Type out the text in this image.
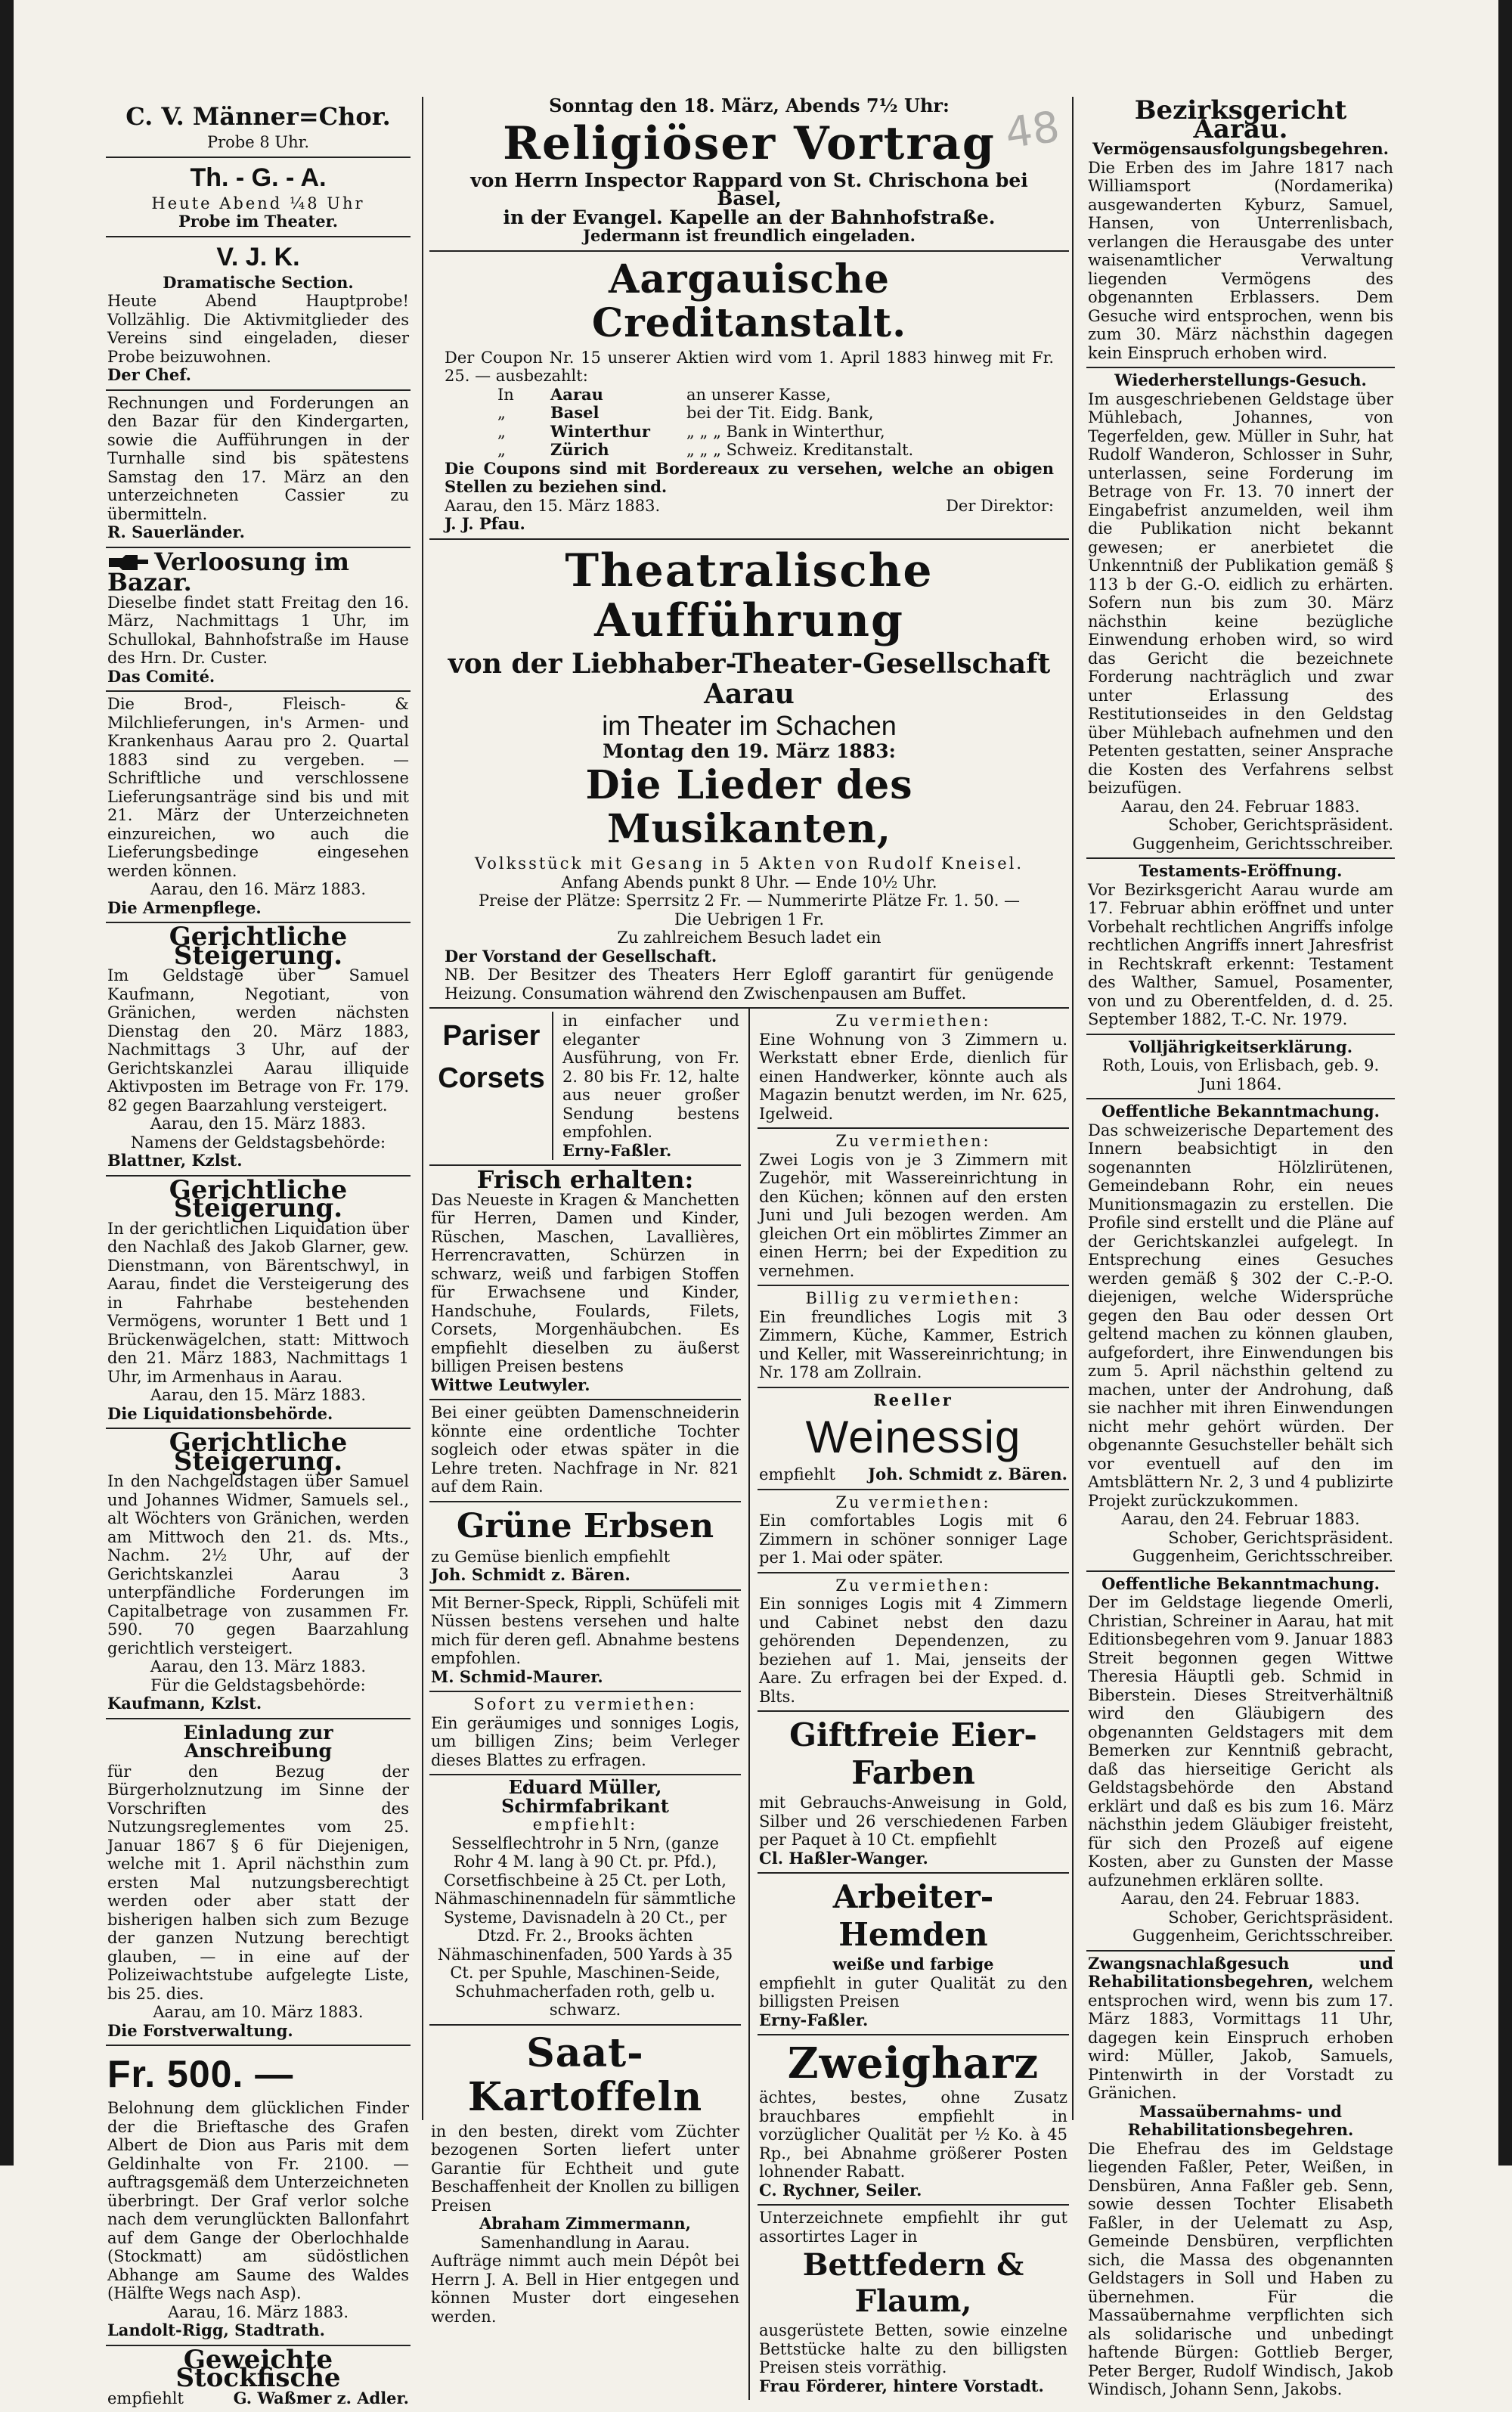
48
C. V. Männer=Chor.

Probe 8 Uhr.

Th. - G. - A.

Heute Abend ¼8 Uhr

Probe im Theater.

V. J. K.

Dramatische Section.

Heute Abend Hauptprobe! Vollzählig. Die Aktivmitglieder des Vereins sind eingeladen, dieser Probe beizuwohnen.

Der Chef.

Rechnungen und Forderungen an den Bazar für den Kindergarten, sowie die Aufführungen in der Turnhalle sind bis spätestens Samstag den 17. März an den unterzeichneten Cassier zu übermitteln.

R. Sauerländer.

Verloosung im Bazar.

Dieselbe findet statt Freitag den 16. März, Nachmittags 1 Uhr, im Schullokal, Bahnhofstraße im Hause des Hrn. Dr. Custer.

Das Comité.

Die Brod-, Fleisch- & Milchlieferungen, in's Armen- und Krankenhaus Aarau pro 2. Quartal 1883 sind zu vergeben. — Schriftliche und verschlossene Lieferungsanträge sind bis und mit 21. März der Unterzeichneten einzureichen, wo auch die Lieferungsbedinge eingesehen werden können.

Aarau, den 16. März 1883.

Die Armenpflege.

Gerichtliche Steigerung.

Im Geldstage über Samuel Kaufmann, Negotiant, von Gränichen, werden nächsten Dienstag den 20. März 1883, Nachmittags 3 Uhr, auf der Gerichtskanzlei Aarau illiquide Aktivposten im Betrage von Fr. 179. 82 gegen Baarzahlung versteigert.

Aarau, den 15. März 1883.

Namens der Geldstagsbehörde:

Blattner, Kzlst.

Gerichtliche Steigerung.

In der gerichtlichen Liquidation über den Nachlaß des Jakob Glarner, gew. Dienstmann, von Bärentschwyl, in Aarau, findet die Versteigerung des in Fahrhabe bestehenden Vermögens, worunter 1 Bett und 1 Brückenwägelchen, statt: Mittwoch den 21. März 1883, Nachmittags 1 Uhr, im Armenhaus in Aarau.

Aarau, den 15. März 1883.

Die Liquidationsbehörde.

Gerichtliche Steigerung.

In den Nachgeldstagen über Samuel und Johannes Widmer, Samuels sel., alt Wöchters von Gränichen, werden am Mittwoch den 21. ds. Mts., Nachm. 2½ Uhr, auf der Gerichtskanzlei Aarau 3 unterpfändliche Forderungen im Capitalbetrage von zusammen Fr. 590. 70 gegen Baarzahlung gerichtlich versteigert.

Aarau, den 13. März 1883.

Für die Geldstagsbehörde:

Kaufmann, Kzlst.

Einladung zur Anschreibung

für den Bezug der Bürgerholznutzung im Sinne der Vorschriften des Nutzungsreglementes vom 25. Januar 1867 § 6 für Diejenigen, welche mit 1. April nächsthin zum ersten Mal nutzungsberechtigt werden oder aber statt der bisherigen halben sich zum Bezuge der ganzen Nutzung berechtigt glauben, — in eine auf der Polizeiwachtstube aufgelegte Liste, bis 25. dies.

Aarau, am 10. März 1883.

Die Forstverwaltung.

Fr. 500. —

Belohnung dem glücklichen Finder der die Brieftasche des Grafen Albert de Dion aus Paris mit dem Geldinhalte von Fr. 2100. — auftragsgemäß dem Unterzeichneten überbringt. Der Graf verlor solche nach dem verunglückten Ballonfahrt auf dem Gange der Oberlochhalde (Stockmatt) am südöstlichen Abhange am Saume des Waldes (Hälfte Wegs nach Asp).

Aarau, 16. März 1883.

Landolt-Rigg, Stadtrath.

Geweichte Stockfische

empfiehlt	G. Waßmer z. Adler.

Sonntag den 18. März, Abends 7½ Uhr:

Religiöser Vortrag

von Herrn Inspector Rappard von St. Chrischona bei Basel,

in der Evangel. Kapelle an der Bahnhofstraße.

Jedermann ist freundlich eingeladen.

Aargauische Creditanstalt.

Der Coupon Nr. 15 unserer Aktien wird vom 1. April 1883 hinweg mit Fr. 25. — ausbezahlt:

In	Aarau	an unserer Kasse,
„	Basel	bei der Tit. Eidg. Bank,
„	Winterthur	„ „ „ Bank in Winterthur,
„	Zürich	„ „ „ Schweiz. Kreditanstalt.

Die Coupons sind mit Bordereaux zu versehen, welche an obigen Stellen zu beziehen sind.

Aarau, den 15. März 1883.	Der Direktor:

J. J. Pfau.

Theatralische Aufführung
von der Liebhaber-Theater-Gesellschaft Aarau
im Theater im Schachen

Montag den 19. März 1883:

Die Lieder des Musikanten,

Volksstück mit Gesang in 5 Akten von Rudolf Kneisel.

Anfang Abends punkt 8 Uhr. — Ende 10½ Uhr.

Preise der Plätze: Sperrsitz 2 Fr. — Nummerirte Plätze Fr. 1. 50. —

Die Uebrigen 1 Fr.

Zu zahlreichem Besuch ladet ein

Der Vorstand der Gesellschaft.

NB. Der Besitzer des Theaters Herr Egloff garantirt für genügende Heizung. Consumation während den Zwischenpausen am Buffet.

Pariser
Corsets

in einfacher und eleganter Ausführung, von Fr. 2. 80 bis Fr. 12, halte aus neuer großer Sendung bestens empfohlen.

Erny-Faßler.

Frisch erhalten:

Das Neueste in Kragen & Manchetten für Herren, Damen und Kinder, Rüschen, Maschen, Lavallières, Herrencravatten, Schürzen in schwarz, weiß und farbigen Stoffen für Erwachsene und Kinder, Handschuhe, Foulards, Filets, Corsets, Morgenhäubchen. Es empfiehlt dieselben zu äußerst billigen Preisen bestens

Wittwe Leutwyler.

Bei einer geübten Damenschneiderin könnte eine ordentliche Tochter sogleich oder etwas später in die Lehre treten. Nachfrage in Nr. 821 auf dem Rain.

Grüne Erbsen

zu Gemüse bienlich empfiehlt

Joh. Schmidt z. Bären.

Mit Berner-Speck, Rippli, Schüfeli mit Nüssen bestens versehen und halte mich für deren gefl. Abnahme bestens empfohlen.

M. Schmid-Maurer.

Sofort zu vermiethen:

Ein geräumiges und sonniges Logis, um billigen Zins; beim Verleger dieses Blattes zu erfragen.

Eduard Müller, Schirmfabrikant

empfiehlt:

Sesselflechtrohr in 5 Nrn, (ganze Rohr 4 M. lang à 90 Ct. pr. Pfd.), Corsetfischbeine à 25 Ct. per Loth, Nähmaschinennadeln für sämmtliche Systeme, Davisnadeln à 20 Ct., per Dtzd. Fr. 2., Brooks ächten Nähmaschinenfaden, 500 Yards à 35 Ct. per Spuhle, Maschinen-Seide, Schuhmacherfaden roth, gelb u. schwarz.

Saat-Kartoffeln

in den besten, direkt vom Züchter bezogenen Sorten liefert unter Garantie für Echtheit und gute Beschaffenheit der Knollen zu billigen Preisen

Abraham Zimmermann,

Samenhandlung in Aarau.

Aufträge nimmt auch mein Dépôt bei Herrn J. A. Bell in Hier entgegen und können Muster dort eingesehen werden.

Zu vermiethen:

Eine Wohnung von 3 Zimmern u. Werkstatt ebner Erde, dienlich für einen Handwerker, könnte auch als Magazin benutzt werden, im Nr. 625, Igelweid.

Zu vermiethen:

Zwei Logis von je 3 Zimmern mit Zugehör, mit Wassereinrichtung in den Küchen; können auf den ersten Juni und Juli bezogen werden. Am gleichen Ort ein möblirtes Zimmer an einen Herrn; bei der Expedition zu vernehmen.

Billig zu vermiethen:

Ein freundliches Logis mit 3 Zimmern, Küche, Kammer, Estrich und Keller, mit Wassereinrichtung; in Nr. 178 am Zollrain.

Reeller

Weinessig

empfiehlt Joh. Schmidt z. Bären.

Zu vermiethen:

Ein comfortables Logis mit 6 Zimmern in schöner sonniger Lage per 1. Mai oder später.

Zu vermiethen:

Ein sonniges Logis mit 4 Zimmern und Cabinet nebst den dazu gehörenden Dependenzen, zu beziehen auf 1. Mai, jenseits der Aare. Zu erfragen bei der Exped. d. Blts.

Giftfreie Eier-Farben

mit Gebrauchs-Anweisung in Gold, Silber und 26 verschiedenen Farben per Paquet à 10 Ct. empfiehlt

Cl. Haßler-Wanger.

Arbeiter-Hemden

weiße und farbige

empfiehlt in guter Qualität zu den billigsten Preisen

Erny-Faßler.

Zweigharz

ächtes, bestes, ohne Zusatz brauchbares empfiehlt in vorzüglicher Qualität per ½ Ko. à 45 Rp., bei Abnahme größerer Posten lohnender Rabatt.

C. Rychner, Seiler.

Unterzeichnete empfiehlt ihr gut assortirtes Lager in

Bettfedern & Flaum,

ausgerüstete Betten, sowie einzelne Bettstücke halte zu den billigsten Preisen steis vorräthig.

Frau Förderer, hintere Vorstadt.

Bezirksgericht Aarau.

Vermögensausfolgungsbegehren.

Die Erben des im Jahre 1817 nach Williamsport (Nordamerika) ausgewanderten Kyburz, Samuel, Hansen, von Unterrenlisbach, verlangen die Herausgabe des unter waisenamtlicher Verwaltung liegenden Vermögens des obgenannten Erblassers. Dem Gesuche wird entsprochen, wenn bis zum 30. März nächsthin dagegen kein Einspruch erhoben wird.

Wiederherstellungs-Gesuch.

Im ausgeschriebenen Geldstage über Mühlebach, Johannes, von Tegerfelden, gew. Müller in Suhr, hat Rudolf Wanderon, Schlosser in Suhr, unterlassen, seine Forderung im Betrage von Fr. 13. 70 innert der Eingabefrist anzumelden, weil ihm die Publikation nicht bekannt gewesen; er anerbietet die Unkenntniß der Publikation gemäß § 113 b der G.-O. eidlich zu erhärten. Sofern nun bis zum 30. März nächsthin keine bezügliche Einwendung erhoben wird, so wird das Gericht die bezeichnete Forderung nachträglich und zwar unter Erlassung des Restitutionseides in den Geldstag über Mühlebach aufnehmen und den Petenten gestatten, seiner Ansprache die Kosten des Verfahrens selbst beizufügen.

Aarau, den 24. Februar 1883.

Schober, Gerichtspräsident.

Guggenheim, Gerichtsschreiber.

Testaments-Eröffnung.

Vor Bezirksgericht Aarau wurde am 17. Februar abhin eröffnet und unter Vorbehalt rechtlichen Angriffs infolge rechtlichen Angriffs innert Jahresfrist in Rechtskraft erkennt: Testament des Walther, Samuel, Posamenter, von und zu Oberentfelden, d. d. 25. September 1882, T.-C. Nr. 1979.

Volljährigkeitserklärung.

Roth, Louis, von Erlisbach, geb. 9. Juni 1864.

Oeffentliche Bekanntmachung.

Das schweizerische Departement des Innern beabsichtigt in den sogenannten Hölzlirütenen, Gemeindebann Rohr, ein neues Munitionsmagazin zu erstellen. Die Profile sind erstellt und die Pläne auf der Gerichtskanzlei aufgelegt. In Entsprechung eines Gesuches werden gemäß § 302 der C.-P.-O. diejenigen, welche Widersprüche gegen den Bau oder dessen Ort geltend machen zu können glauben, aufgefordert, ihre Einwendungen bis zum 5. April nächsthin geltend zu machen, unter der Androhung, daß sie nachher mit ihren Einwendungen nicht mehr gehört würden. Der obgenannte Gesuchsteller behält sich vor eventuell auf den im Amtsblättern Nr. 2, 3 und 4 publizirte Projekt zurückzukommen.

Aarau, den 24. Februar 1883.

Schober, Gerichtspräsident.

Guggenheim, Gerichtsschreiber.

Oeffentliche Bekanntmachung.

Der im Geldstage liegende Omerli, Christian, Schreiner in Aarau, hat mit Editionsbegehren vom 9. Januar 1883 Streit begonnen gegen Wittwe Theresia Häuptli geb. Schmid in Biberstein. Dieses Streitverhältniß wird den Gläubigern des obgenannten Geldstagers mit dem Bemerken zur Kenntniß gebracht, daß das hierseitige Gericht als Geldstagsbehörde den Abstand erklärt und daß es bis zum 16. März nächsthin jedem Gläubiger freisteht, für sich den Prozeß auf eigene Kosten, aber zu Gunsten der Masse aufzunehmen erklären sollte.

Aarau, den 24. Februar 1883.

Schober, Gerichtspräsident.

Guggenheim, Gerichtsschreiber.

Zwangsnachlaßgesuch und Rehabilitationsbegehren, welchem entsprochen wird, wenn bis zum 17. März 1883, Vormittags 11 Uhr, dagegen kein Einspruch erhoben wird: Müller, Jakob, Samuels, Pintenwirth in der Vorstadt zu Gränichen.

Massaübernahms- und Rehabilitationsbegehren.

Die Ehefrau des im Geldstage liegenden Faßler, Peter, Weißen, in Densbüren, Anna Faßler geb. Senn, sowie dessen Tochter Elisabeth Faßler, in der Uelematt zu Asp, Gemeinde Densbüren, verpflichten sich, die Massa des obgenannten Geldstagers in Soll und Haben zu übernehmen. Für die Massaübernahme verpflichten sich als solidarische und unbedingt haftende Bürgen: Gottlieb Berger, Peter Berger, Rudolf Windisch, Jakob Windisch, Johann Senn, Jakobs.
